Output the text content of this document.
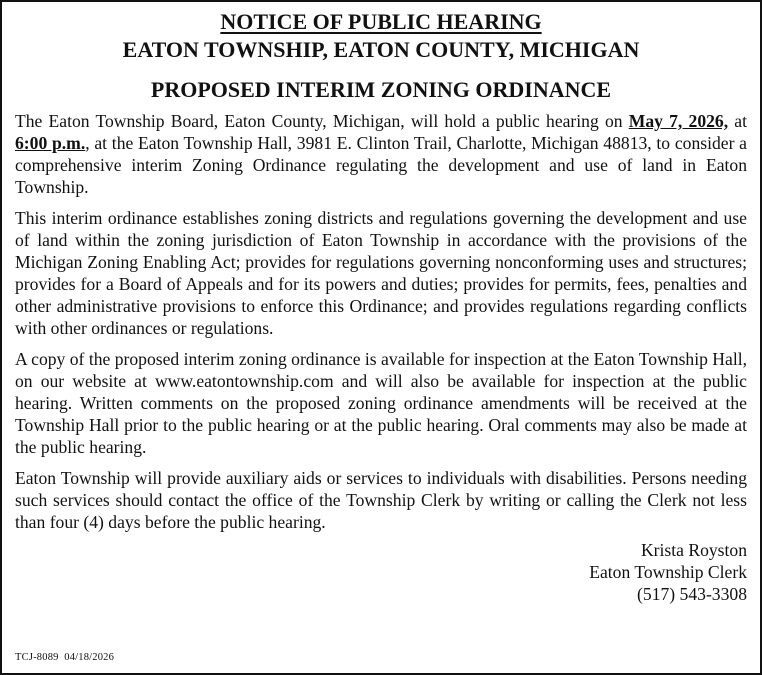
NOTICE OF PUBLIC HEARING
EATON TOWNSHIP, EATON COUNTY, MICHIGAN
PROPOSED INTERIM ZONING ORDINANCE

The Eaton Township Board, Eaton County, Michigan, will hold a public hearing on May 7, 2026, at 6:00 p.m., at the Eaton Township Hall, 3981 E. Clinton Trail, Charlotte, Michigan 48813, to consider a comprehensive interim Zoning Ordinance regulating the development and use of land in Eaton Township.

This interim ordinance establishes zoning districts and regulations governing the development and use of land within the zoning jurisdiction of Eaton Township in accordance with the provisions of the Michigan Zoning Enabling Act; provides for regulations governing nonconforming uses and structures; provides for a Board of Appeals and for its powers and duties; provides for permits, fees, penalties and other administrative provisions to enforce this Ordinance; and provides regulations regarding conflicts with other ordinances or regulations.

A copy of the proposed interim zoning ordinance is available for inspection at the Eaton Township Hall, on our website at www.eatontownship.com and will also be available for inspection at the public hearing. Written comments on the proposed zoning ordinance amendments will be received at the Township Hall prior to the public hearing or at the public hearing. Oral comments may also be made at the public hearing.

Eaton Township will provide auxiliary aids or services to individuals with disabilities. Persons needing such services should contact the office of the Township Clerk by writing or calling the Clerk not less than four (4) days before the public hearing.

Krista Royston
Eaton Township Clerk
(517) 543-3308
TCJ-8089  04/18/2026
